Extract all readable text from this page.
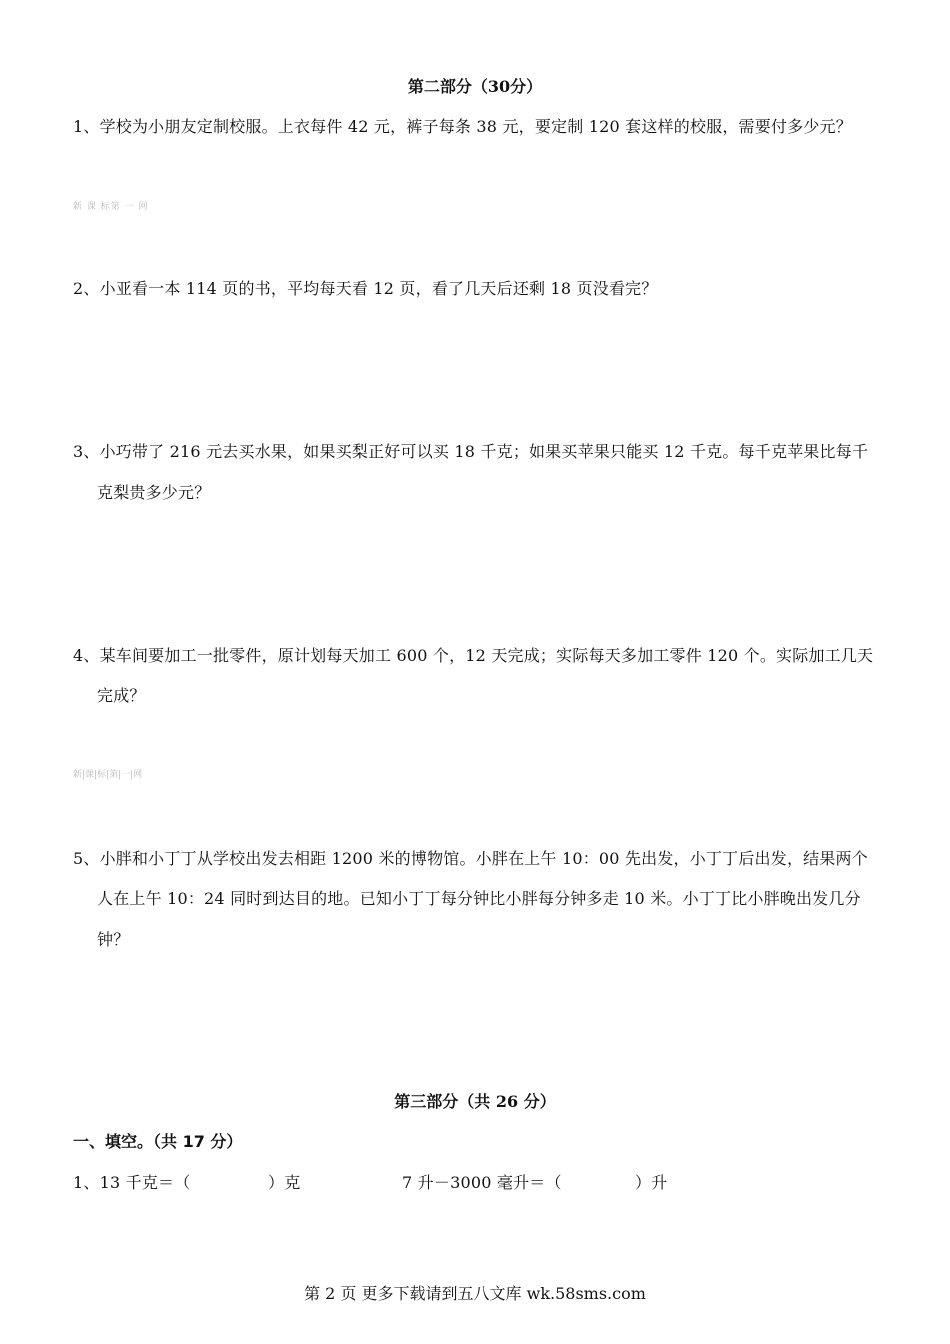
第二部分（30分）
1、学校为小朋友定制校服。上衣每件 42 元，裤子每条 38 元，要定制 120 套这样的校服，需要付多少元？
新 课 标第 一 网
2、小亚看一本 114 页的书，平均每天看 12 页，看了几天后还剩 18 页没看完？
3、小巧带了 216 元去买水果，如果买梨正好可以买 18 千克；如果买苹果只能买 12 千克。每千克苹果比每千
克梨贵多少元？
4、某车间要加工一批零件，原计划每天加工 600 个，12 天完成；实际每天多加工零件 120 个。实际加工几天
完成？
新|课|标|第|一|网
5、小胖和小丁丁从学校出发去相距 1200 米的博物馆。小胖在上午 10：00 先出发，小丁丁后出发，结果两个
人在上午 10：24 同时到达目的地。已知小丁丁每分钟比小胖每分钟多走 10 米。小丁丁比小胖晚出发几分
钟？
第三部分（共 26 分）
一、填空。（共 17 分）
1、13 千克＝（	）克	7 升－3000 毫升＝（	）升
第 2 页 更多下载请到五八文库 wk.58sms.com
